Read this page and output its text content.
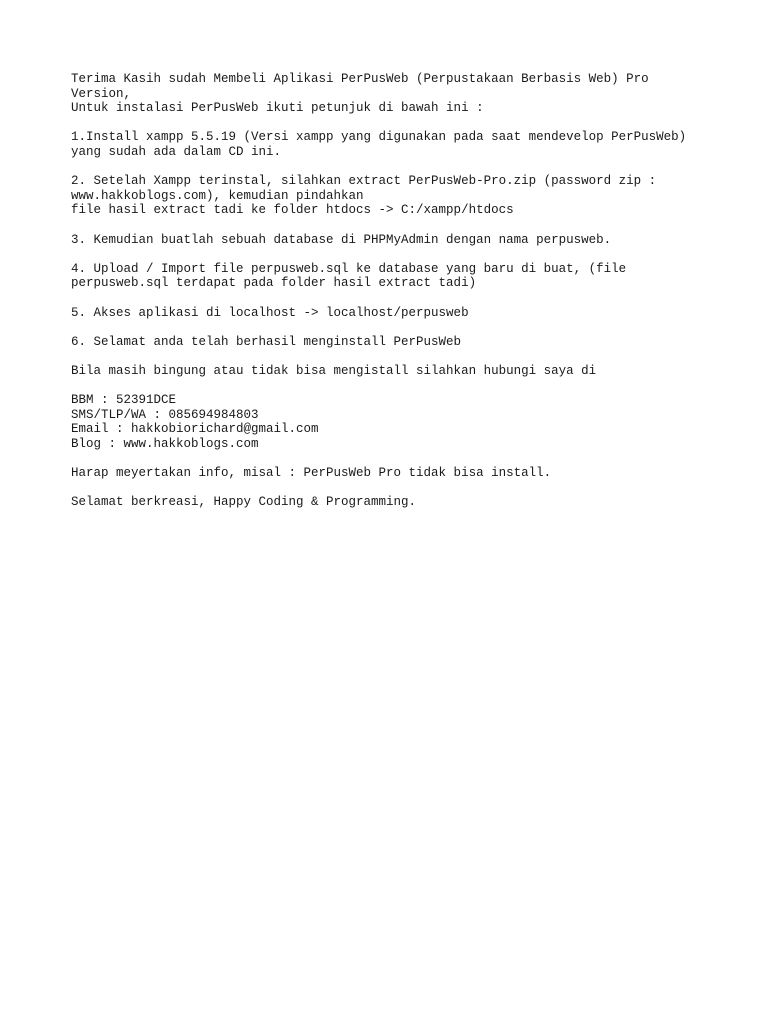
Terima Kasih sudah Membeli Aplikasi PerPusWeb (Perpustakaan Berbasis Web) Pro
Version,
Untuk instalasi PerPusWeb ikuti petunjuk di bawah ini :
1.Install xampp 5.5.19 (Versi xampp yang digunakan pada saat mendevelop PerPusWeb)
yang sudah ada dalam CD ini.
2. Setelah Xampp terinstal, silahkan extract PerPusWeb-Pro.zip (password zip :
www.hakkoblogs.com), kemudian pindahkan
file hasil extract tadi ke folder htdocs -> C:/xampp/htdocs
3. Kemudian buatlah sebuah database di PHPMyAdmin dengan nama perpusweb.
4. Upload / Import file perpusweb.sql ke database yang baru di buat, (file
perpusweb.sql terdapat pada folder hasil extract tadi)
5. Akses aplikasi di localhost -> localhost/perpusweb
6. Selamat anda telah berhasil menginstall PerPusWeb
Bila masih bingung atau tidak bisa mengistall silahkan hubungi saya di
BBM : 52391DCE
SMS/TLP/WA : 085694984803
Email : hakkobiorichard@gmail.com
Blog : www.hakkoblogs.com
Harap meyertakan info, misal : PerPusWeb Pro tidak bisa install.
Selamat berkreasi, Happy Coding & Programming.
